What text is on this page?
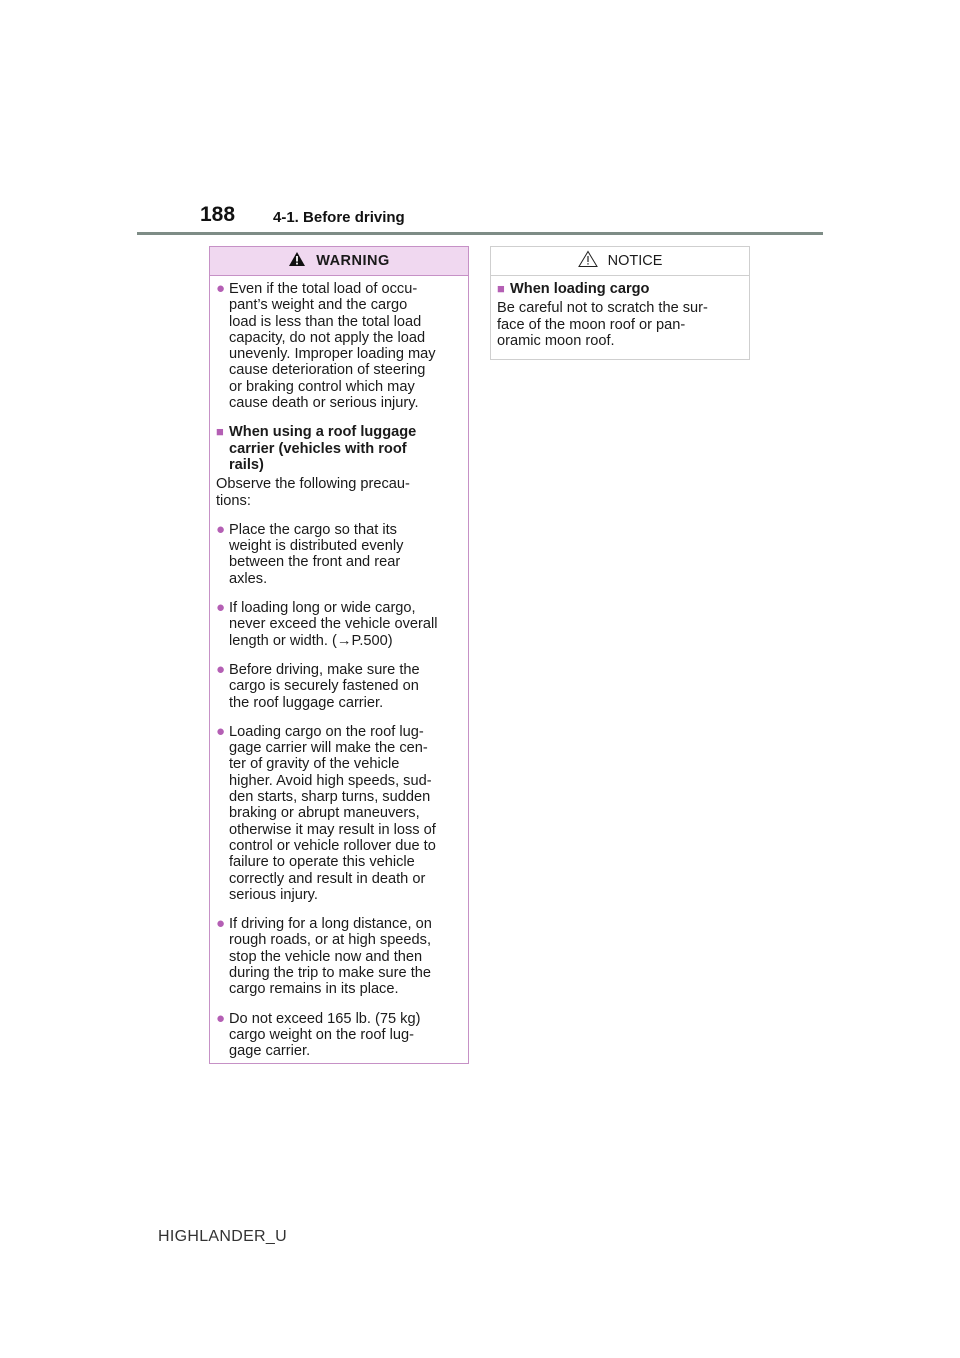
188	4-1. Before driving
WARNING
● Even if the total load of occu-
pant’s weight and the cargo
load is less than the total load
capacity, do not apply the load
unevenly. Improper loading may
cause deterioration of steering
or braking control which may
cause death or serious injury.
■ When using a roof luggage
carrier (vehicles with roof
rails)
Observe the following precau-
tions:
● Place the cargo so that its
weight is distributed evenly
between the front and rear
axles.
● If loading long or wide cargo,
never exceed the vehicle overall
length or width. (→P.500)
● Before driving, make sure the
cargo is securely fastened on
the roof luggage carrier.
● Loading cargo on the roof lug-
gage carrier will make the cen-
ter of gravity of the vehicle
higher. Avoid high speeds, sud-
den starts, sharp turns, sudden
braking or abrupt maneuvers,
otherwise it may result in loss of
control or vehicle rollover due to
failure to operate this vehicle
correctly and result in death or
serious injury.
● If driving for a long distance, on
rough roads, or at high speeds,
stop the vehicle now and then
during the trip to make sure the
cargo remains in its place.
● Do not exceed 165 lb. (75 kg)
cargo weight on the roof lug-
gage carrier.
NOTICE
■ When loading cargo
Be careful not to scratch the sur-
face of the moon roof or pan-
oramic moon roof.
HIGHLANDER_U
